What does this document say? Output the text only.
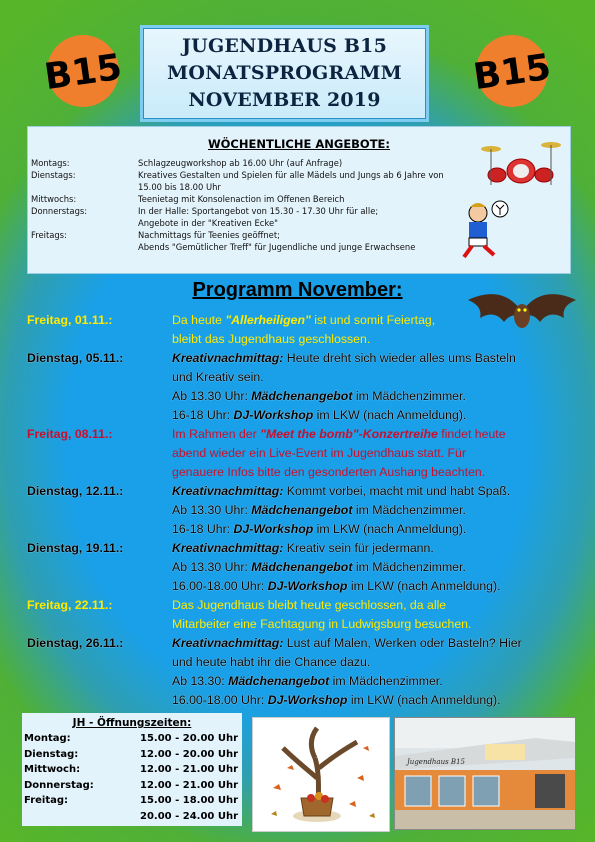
B15	B15
JUGENDHAUS B15
MONATSPROGRAMM
NOVEMBER 2019
WÖCHENTLICHE ANGEBOTE:
Montags:	Schlagzeugworkshop ab 16.00 Uhr (auf Anfrage)
Dienstags:	Kreatives Gestalten und Spielen für alle Mädels und Jungs ab 6 Jahre von
15.00 bis 18.00 Uhr
Mittwochs:	Teenietag mit Konsolenaction im Offenen Bereich
Donnerstags:	In der Halle: Sportangebot von 15.30 - 17.30 Uhr für alle;
Angebote in der "Kreativen Ecke"
Freitags:	Nachmittags für Teenies geöffnet;
Abends "Gemütlicher Treff" für Jugendliche und junge Erwachsene
Programm November:
Freitag, 01.11.:	Da heute "Allerheiligen" ist und somit Feiertag,
bleibt das Jugendhaus geschlossen.
Dienstag, 05.11.:	Kreativnachmittag: Heute dreht sich wieder alles ums Basteln
und Kreativ sein.
Ab 13.30 Uhr: Mädchenangebot im Mädchenzimmer.
16-18 Uhr: DJ-Workshop im LKW (nach Anmeldung).
Freitag, 08.11.:	Im Rahmen der "Meet the bomb"-Konzertreihe findet heute
abend wieder ein Live-Event im Jugendhaus statt. Für
genauere Infos bitte den gesonderten Aushang beachten.
Dienstag, 12.11.:	Kreativnachmittag: Kommt vorbei, macht mit und habt Spaß.
Ab 13.30 Uhr: Mädchenangebot im Mädchenzimmer.
16-18 Uhr: DJ-Workshop im LKW (nach Anmeldung).
Dienstag, 19.11.:	Kreativnachmittag: Kreativ sein für jedermann.
Ab 13.30 Uhr: Mädchenangebot im Mädchenzimmer.
16.00-18.00 Uhr: DJ-Workshop im LKW (nach Anmeldung).
Freitag, 22.11.:	Das Jugendhaus bleibt heute geschlossen, da alle
Mitarbeiter eine Fachtagung in Ludwigsburg besuchen.
Dienstag, 26.11.:	Kreativnachmittag: Lust auf Malen, Werken oder Basteln? Hier
und heute habt ihr die Chance dazu.
Ab 13.30: Mädchenangebot im Mädchenzimmer.
16.00-18.00 Uhr: DJ-Workshop im LKW (nach Anmeldung).
JH - Öffnungszeiten:
Montag:	15.00 - 20.00 Uhr
Dienstag:	12.00 - 20.00 Uhr
Mittwoch:	12.00 - 21.00 Uhr
Donnerstag:	12.00 - 21.00 Uhr
Freitag:	15.00 - 18.00 Uhr
20.00 - 24.00 Uhr
Jugendhaus B15
